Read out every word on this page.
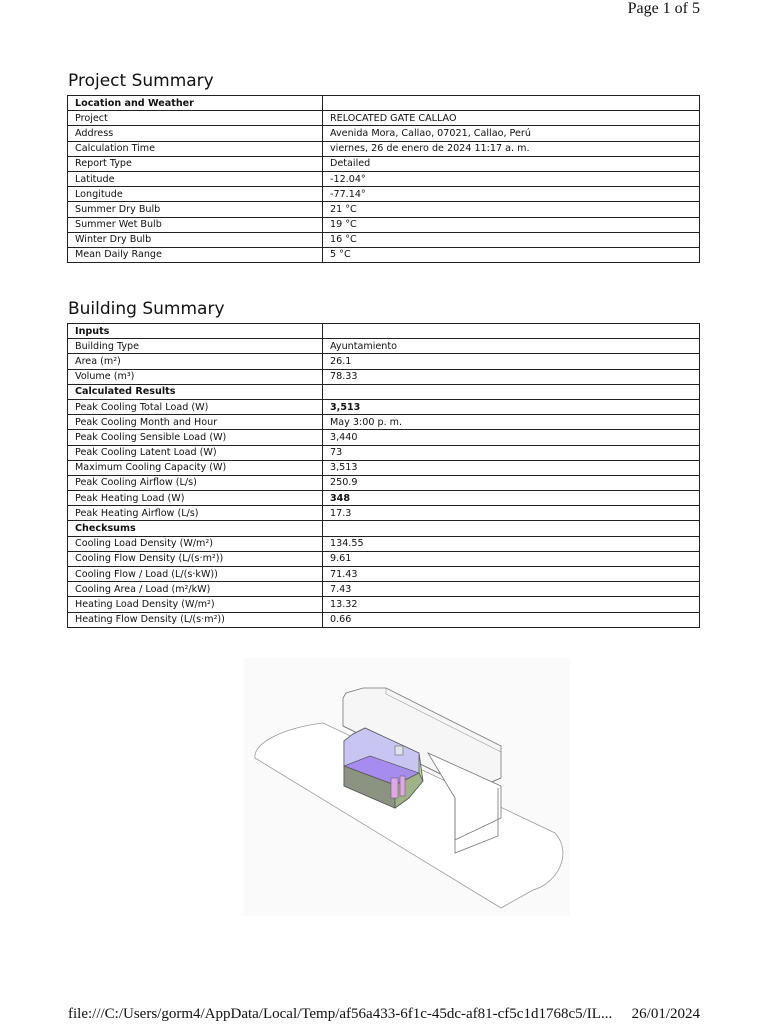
Page 1 of 5
Project Summary
Location and Weather	
Project	RELOCATED GATE CALLAO
Address	Avenida Mora, Callao, 07021, Callao, Perú
Calculation Time	viernes, 26 de enero de 2024 11:17 a. m.
Report Type	Detailed
Latitude	-12.04°
Longitude	-77.14°
Summer Dry Bulb	21 °C
Summer Wet Bulb	19 °C
Winter Dry Bulb	16 °C
Mean Daily Range	5 °C
Building Summary
Inputs	
Building Type	Ayuntamiento
Area (m²)	26.1
Volume (m³)	78.33
Calculated Results	
Peak Cooling Total Load (W)	3,513
Peak Cooling Month and Hour	May 3:00 p. m.
Peak Cooling Sensible Load (W)	3,440
Peak Cooling Latent Load (W)	73
Maximum Cooling Capacity (W)	3,513
Peak Cooling Airflow (L/s)	250.9
Peak Heating Load (W)	348
Peak Heating Airflow (L/s)	17.3
Checksums	
Cooling Load Density (W/m²)	134.55
Cooling Flow Density (L/(s·m²))	9.61
Cooling Flow / Load (L/(s·kW))	71.43
Cooling Area / Load (m²/kW)	7.43
Heating Load Density (W/m²)	13.32
Heating Flow Density (L/(s·m²))	0.66
file:///C:/Users/gorm4/AppData/Local/Temp/af56a433-6f1c-45dc-af81-cf5c1d1768c5/IL... 26/01/2024
